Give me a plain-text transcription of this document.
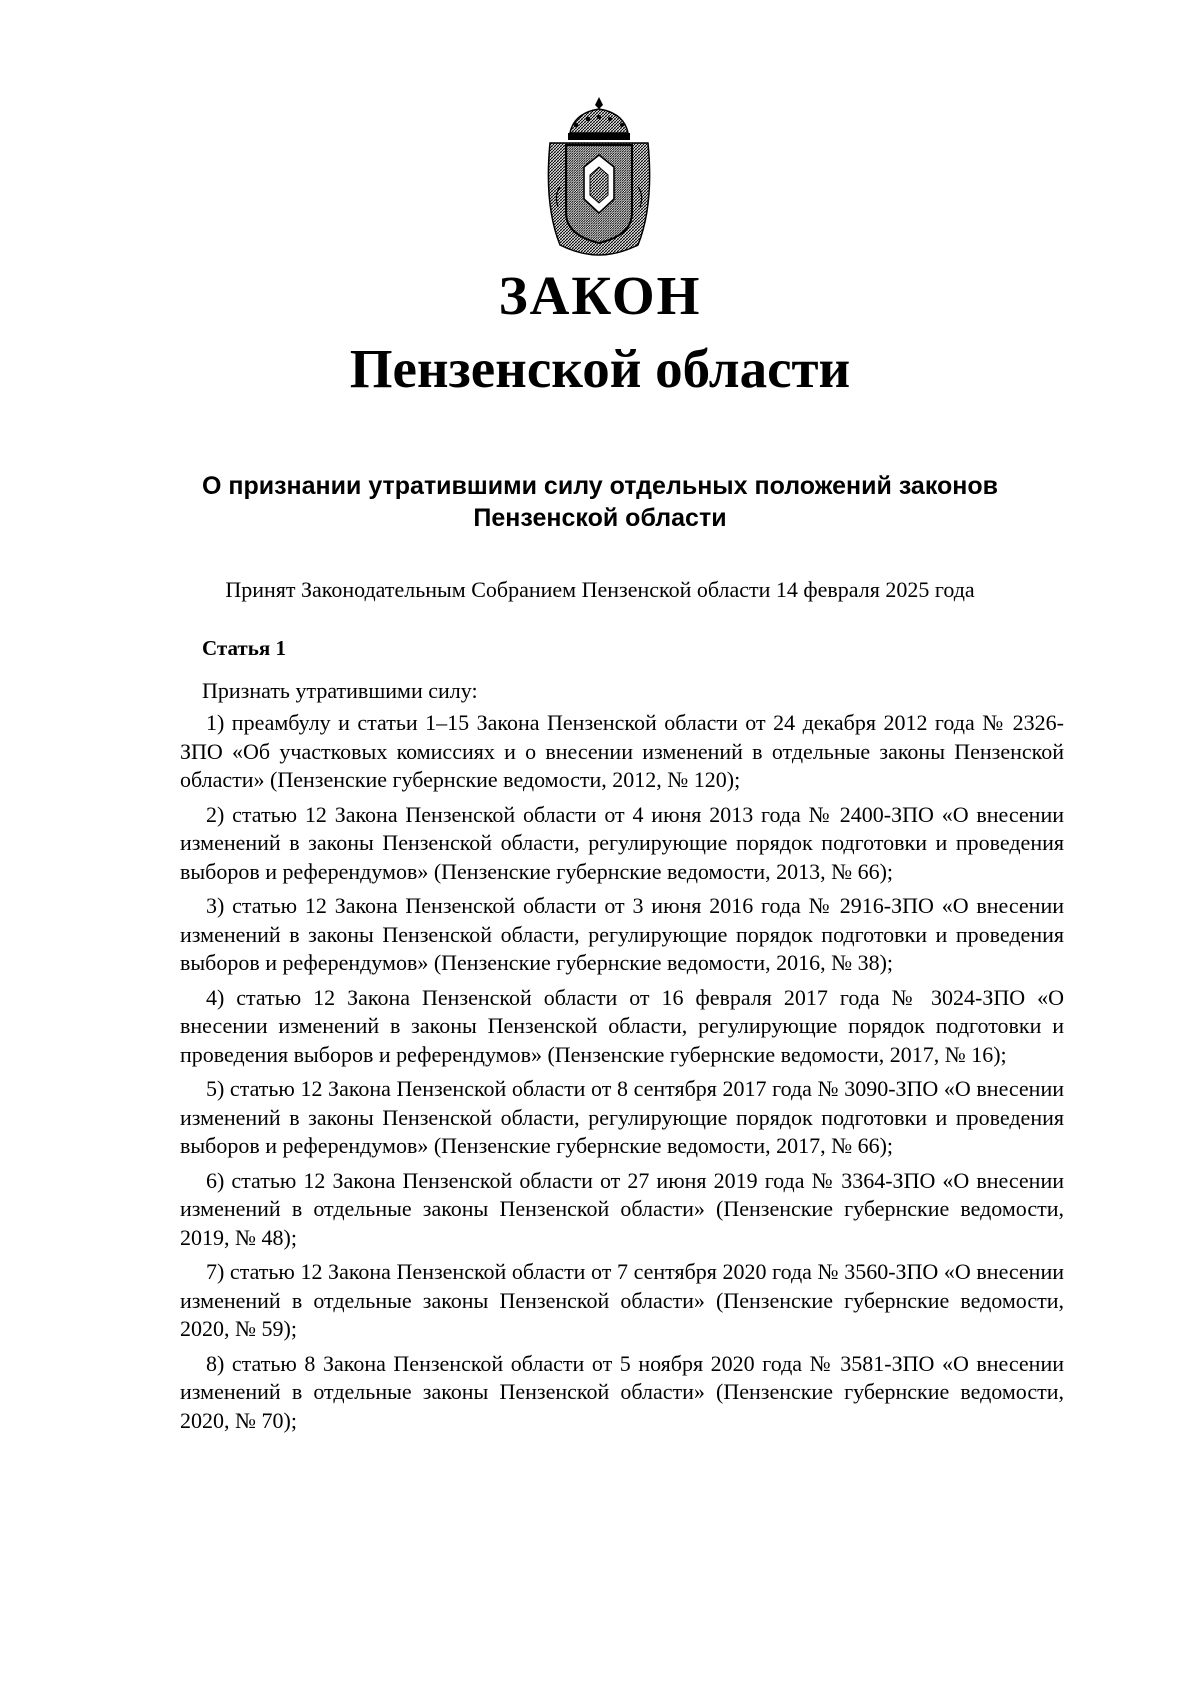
ЗАКОН
Пензенской области
О признании утратившими силу отдельных положений законов Пензенской области
Принят Законодательным Собранием Пензенской области 14 февраля 2025 года
Статья 1
Признать утратившими силу:

1) преамбулу и статьи 1–15 Закона Пензенской области от 24 декабря 2012 года № 2326-ЗПО «Об участковых комиссиях и о внесении изменений в отдельные законы Пензенской области» (Пензенские губернские ведомости, 2012, № 120);

2) статью 12 Закона Пензенской области от 4 июня 2013 года № 2400-ЗПО «О внесении изменений в законы Пензенской области, регулирующие порядок подготовки и проведения выборов и референдумов» (Пензенские губернские ведомости, 2013, № 66);

3) статью 12 Закона Пензенской области от 3 июня 2016 года № 2916-ЗПО «О внесении изменений в законы Пензенской области, регулирующие порядок подготовки и проведения выборов и референдумов» (Пензенские губернские ведомости, 2016, № 38);

4) статью 12 Закона Пензенской области от 16 февраля 2017 года № 3024-ЗПО «О внесении изменений в законы Пензенской области, регулирующие порядок подготовки и проведения выборов и референдумов» (Пензенские губернские ведомости, 2017, № 16);

5) статью 12 Закона Пензенской области от 8 сентября 2017 года № 3090-ЗПО «О внесении изменений в законы Пензенской области, регулирующие порядок подготовки и проведения выборов и референдумов» (Пензенские губернские ведомости, 2017, № 66);

6) статью 12 Закона Пензенской области от 27 июня 2019 года № 3364-ЗПО «О внесении изменений в отдельные законы Пензенской области» (Пензенские губернские ведомости, 2019, № 48);

7) статью 12 Закона Пензенской области от 7 сентября 2020 года № 3560-ЗПО «О внесении изменений в отдельные законы Пензенской области» (Пензенские губернские ведомости, 2020, № 59);

8) статью 8 Закона Пензенской области от 5 ноября 2020 года № 3581-ЗПО «О внесении изменений в отдельные законы Пензенской области» (Пензенские губернские ведомости, 2020, № 70);
